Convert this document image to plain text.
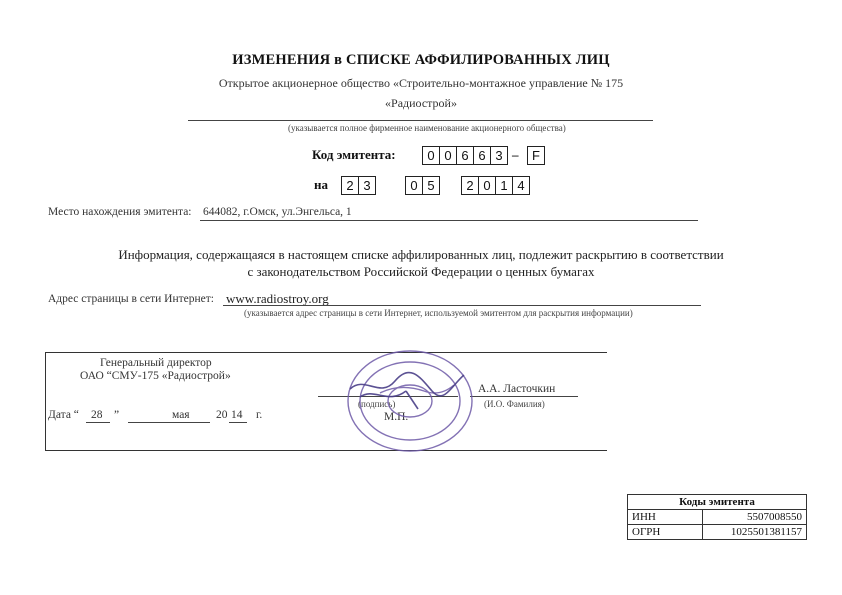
ИЗМЕНЕНИЯ в СПИСКЕ АФФИЛИРОВАННЫХ ЛИЦ
Открытое акционерное общество «Строительно-монтажное управление № 175
«Радиострой»
(указывается полное фирменное наименование акционерного общества)
Код эмитента:	0 0 6 6 3 –	F
на	2 3	0 5	2 0 1 4
Место нахождения эмитента: 644082, г.Омск, ул.Энгельса, 1
Информация, содержащаяся в настоящем списке аффилированных лиц, подлежит раскрытию в соответствии
с законодательством Российской Федерации о ценных бумагах
Адрес страницы в сети Интернет: www.radiostroy.org
(указывается адрес страницы в сети Интернет, используемой эмитентом для раскрытия информации)
Генеральный директор
ОАО “СМУ-175 «Радиострой»
Дата “ 28 ”	мая 20 14 г.
(подпись)
М.П.
А.А. Ласточкин
(И.О. Фамилия)
Коды эмитента
ИНН	5507008550
ОГРН	1025501381157
